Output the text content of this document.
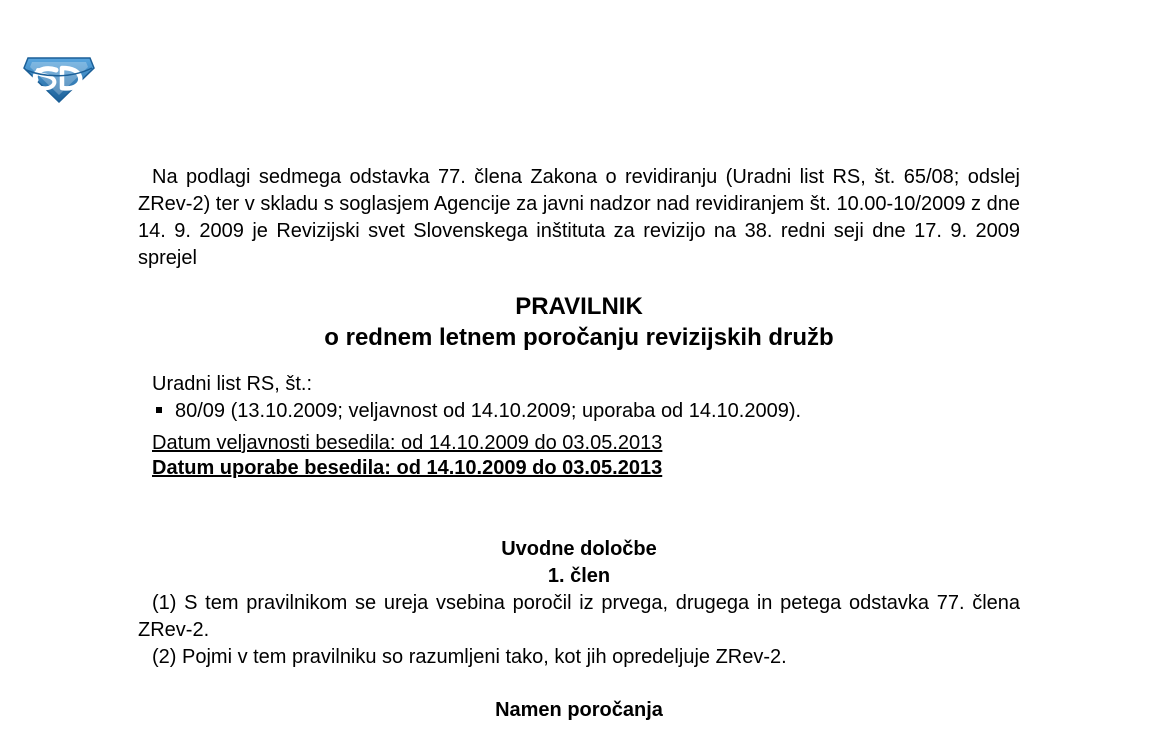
Na podlagi sedmega odstavka 77. člena Zakona o revidiranju (Uradni list RS, št. 65/08; odslej ZRev-2) ter v skladu s soglasjem Agencije za javni nadzor nad revidiranjem št. 10.00-10/2009 z dne 14. 9. 2009 je Revizijski svet Slovenskega inštituta za revizijo na 38. redni seji dne 17. 9. 2009 sprejel

PRAVILNIK
o rednem letnem poročanju revizijskih družb
Uradni list RS, št.:
80/09 (13.10.2009; veljavnost od 14.10.2009; uporaba od 14.10.2009).
Datum veljavnosti besedila: od 14.10.2009 do 03.05.2013
Datum uporabe besedila: od 14.10.2009 do 03.05.2013
Uvodne določbe
1. člen

(1) S tem pravilnikom se ureja vsebina poročil iz prvega, drugega in petega odstavka 77. člena ZRev-2.

(2) Pojmi v tem pravilniku so razumljeni tako, kot jih opredeljuje ZRev-2.

Namen poročanja
